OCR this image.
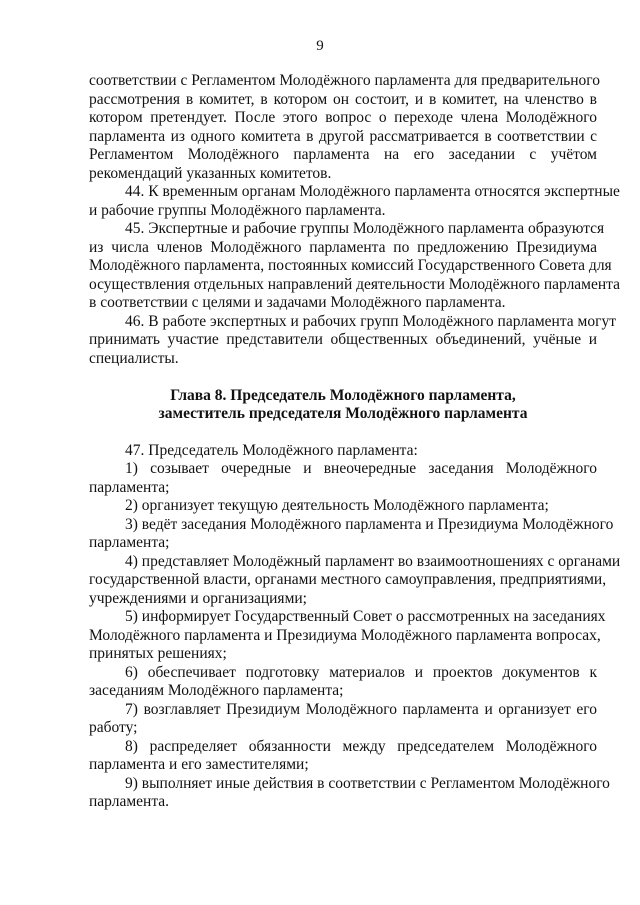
9
соответствии с Регламентом Молодёжного парламента для предварительного
рассмотрения в комитет, в котором он состоит, и в комитет, на членство в
котором претендует. После этого вопрос о переходе члена Молодёжного
парламента из одного комитета в другой рассматривается в соответствии с
Регламентом Молодёжного парламента на его заседании с учётом
рекомендаций указанных комитетов.
44. К временным органам Молодёжного парламента относятся экспертные
и рабочие группы Молодёжного парламента.
45. Экспертные и рабочие группы Молодёжного парламента образуются
из числа членов Молодёжного парламента по предложению Президиума
Молодёжного парламента, постоянных комиссий Государственного Совета для
осуществления отдельных направлений деятельности Молодёжного парламента
в соответствии с целями и задачами Молодёжного парламента.
46. В работе экспертных и рабочих групп Молодёжного парламента могут
принимать участие представители общественных объединений, учёные и
специалисты.
Глава 8. Председатель Молодёжного парламента,
заместитель председателя Молодёжного парламента
47. Председатель Молодёжного парламента:
1) созывает очередные и внеочередные заседания Молодёжного
парламента;
2) организует текущую деятельность Молодёжного парламента;
3) ведёт заседания Молодёжного парламента и Президиума Молодёжного
парламента;
4) представляет Молодёжный парламент во взаимоотношениях с органами
государственной власти, органами местного самоуправления, предприятиями,
учреждениями и организациями;
5) информирует Государственный Совет о рассмотренных на заседаниях
Молодёжного парламента и Президиума Молодёжного парламента вопросах,
принятых решениях;
6) обеспечивает подготовку материалов и проектов документов к
заседаниям Молодёжного парламента;
7) возглавляет Президиум Молодёжного парламента и организует его
работу;
8) распределяет обязанности между председателем Молодёжного
парламента и его заместителями;
9) выполняет иные действия в соответствии с Регламентом Молодёжного
парламента.
